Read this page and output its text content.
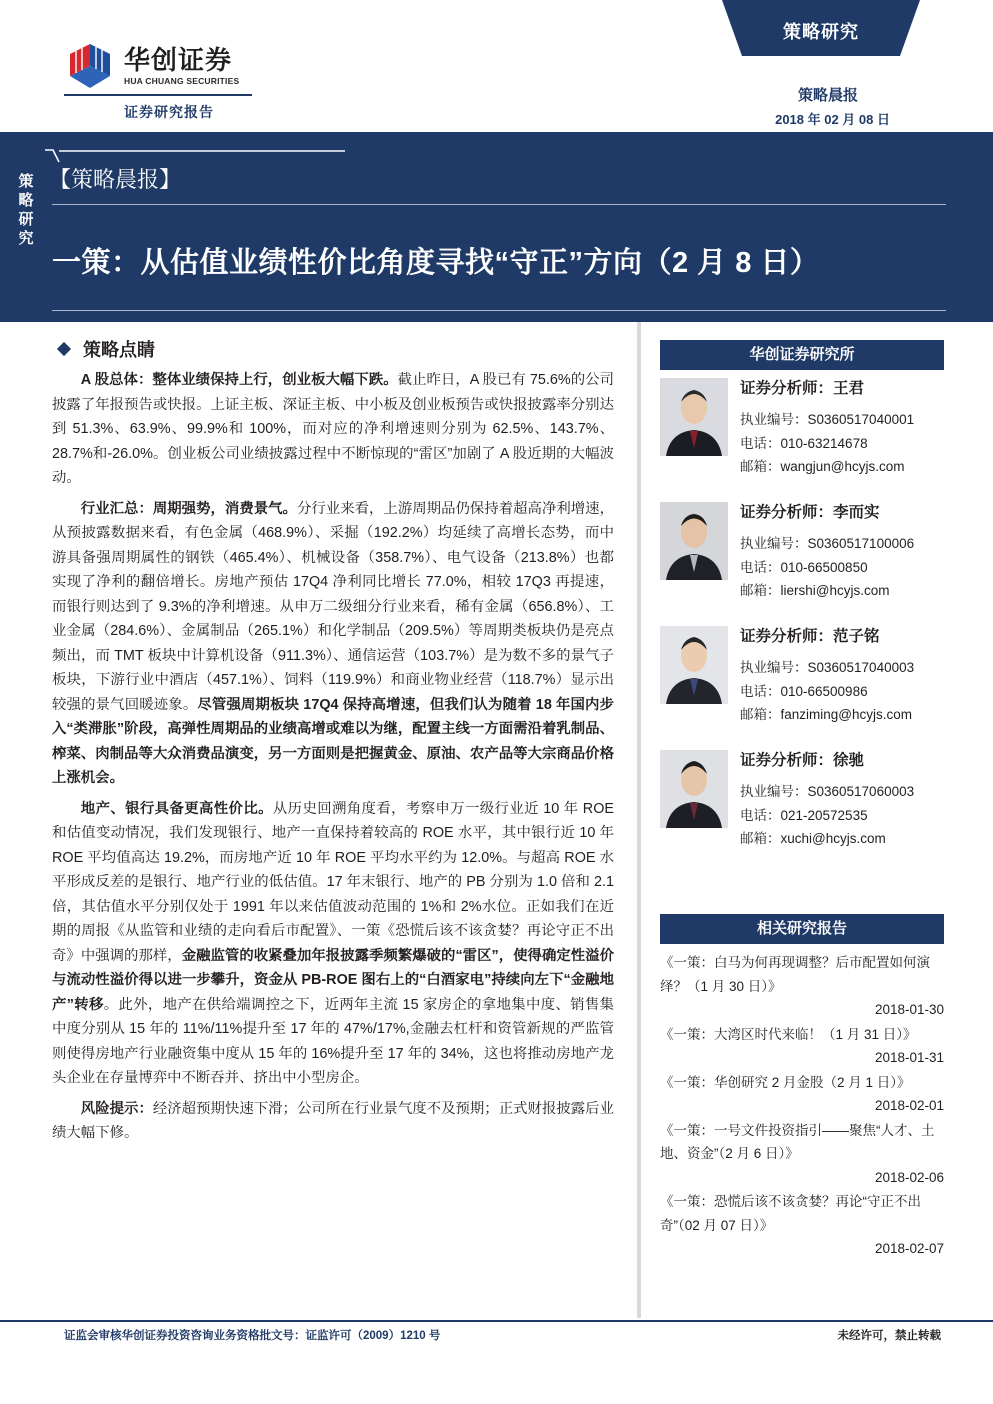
华创证券
HUA CHUANG SECURITIES
证券研究报告
策略研究
策略晨报
2018 年 02 月 08 日
策略研究
【策略晨报】
一策：从估值业绩性价比角度寻找“守正”方向（2 月 8 日）
策略点睛

A 股总体：整体业绩保持上行，创业板大幅下跌。截止昨日，A 股已有 75.6%的公司披露了年报预告或快报。上证主板、深证主板、中小板及创业板预告或快报披露率分别达到 51.3%、63.9%、99.9%和 100%，而对应的净利增速则分别为 62.5%、143.7%、28.7%和-26.0%。创业板公司业绩披露过程中不断惊现的“雷区”加剧了 A 股近期的大幅波动。

行业汇总：周期强势，消费景气。分行业来看，上游周期品仍保持着超高净利增速，从预披露数据来看，有色金属（468.9%）、采掘（192.2%）均延续了高增长态势，而中游具备强周期属性的钢铁（465.4%）、机械设备（358.7%）、电气设备（213.8%）也都实现了净利的翻倍增长。房地产预估 17Q4 净利同比增长 77.0%，相较 17Q3 再提速，而银行则达到了 9.3%的净利增速。从申万二级细分行业来看，稀有金属（656.8%）、工业金属（284.6%）、金属制品（265.1%）和化学制品（209.5%）等周期类板块仍是亮点频出，而 TMT 板块中计算机设备（911.3%）、通信运营（103.7%）是为数不多的景气子板块，下游行业中酒店（457.1%）、饲料（119.9%）和商业物业经营（118.7%）显示出较强的景气回暖迹象。尽管强周期板块 17Q4 保持高增速，但我们认为随着 18 年国内步入“类滞胀”阶段，高弹性周期品的业绩高增或难以为继，配置主线一方面需沿着乳制品、榨菜、肉制品等大众消费品演变，另一方面则是把握黄金、原油、农产品等大宗商品价格上涨机会。

地产、银行具备更高性价比。从历史回溯角度看，考察申万一级行业近 10 年 ROE 和估值变动情况，我们发现银行、地产一直保持着较高的 ROE 水平，其中银行近 10 年 ROE 平均值高达 19.2%，而房地产近 10 年 ROE 平均水平约为 12.0%。与超高 ROE 水平形成反差的是银行、地产行业的低估值。17 年末银行、地产的 PB 分别为 1.0 倍和 2.1 倍，其估值水平分别仅处于 1991 年以来估值波动范围的 1%和 2%水位。正如我们在近期的周报《从监管和业绩的走向看后市配置》、一策《恐慌后该不该贪婪？再论守正不出奇》中强调的那样，金融监管的收紧叠加年报披露季频繁爆破的“雷区”，使得确定性溢价与流动性溢价得以进一步攀升，资金从 PB-ROE 图右上的“白酒家电”持续向左下“金融地产”转移。此外，地产在供给端调控之下，近两年主流 15 家房企的拿地集中度、销售集中度分别从 15 年的 11%/11%提升至 17 年的 47%/17%,金融去杠杆和资管新规的严监管则使得房地产行业融资集中度从 15 年的 16%提升至 17 年的 34%，这也将推动房地产龙头企业在存量博弈中不断吞并、挤出中小型房企。

风险提示：经济超预期快速下滑；公司所在行业景气度不及预期；正式财报披露后业绩大幅下修。

华创证券研究所
证券分析师：王君
执业编号：S0360517040001
电话：010-63214678
邮箱：wangjun@hcyjs.com
证券分析师：李而实
执业编号：S0360517100006
电话：010-66500850
邮箱：liershi@hcyjs.com
证券分析师：范子铭
执业编号：S0360517040003
电话：010-66500986
邮箱：fanziming@hcyjs.com
证券分析师：徐驰
执业编号：S0360517060003
电话：021-20572535
邮箱：xuchi@hcyjs.com
相关研究报告
《一策：白马为何再现调整？后市配置如何演绎？（1 月 30 日）》
2018-01-30
《一策：大湾区时代来临！（1 月 31 日）》
2018-01-31
《一策：华创研究 2 月金股（2 月 1 日）》
2018-02-01
《一策：一号文件投资指引——聚焦“人才、土地、资金”（2 月 6 日）》
2018-02-06
《一策：恐慌后该不该贪婪？再论“守正不出奇”（02 月 07 日）》
2018-02-07
证监会审核华创证券投资咨询业务资格批文号：证监许可（2009）1210 号	未经许可，禁止转载
